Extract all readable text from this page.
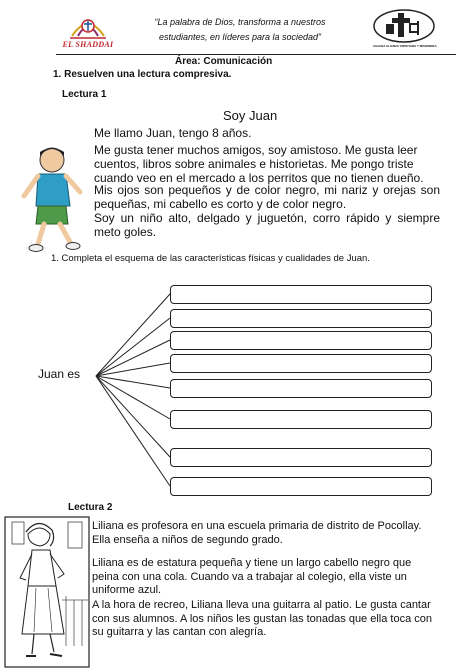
EL SHADDAI
“La palabra de Dios, transforma a nuestros estudiantes, en líderes para la sociedad”
IGLESIA ALIANZA CRISTIANA Y MISIONERA
Área: Comunicación
1. Resuelven una lectura compresiva.
Lectura 1
Soy Juan
Me llamo Juan, tengo 8 años.
Me gusta tener muchos amigos, soy amistoso. Me gusta leer cuentos, libros sobre animales e historietas. Me pongo triste cuando veo en el mercado a los perritos que no tienen dueño.
Mis ojos son pequeños y de color negro, mi nariz y orejas son pequeñas, mi cabello es corto y de color negro.
Soy un niño alto, delgado y juguetón, corro rápido y siempre meto goles.
1. Completa el esquema de las características físicas y cualidades de Juan.
Juan es
Lectura 2
Liliana es profesora en una escuela primaria de distrito de Pocollay. Ella enseña a niños de segundo grado.
Liliana es de estatura pequeña y tiene un largo cabello negro que peina con una cola. Cuando va a trabajar al colegio, ella viste un uniforme azul.
A la hora de recreo, Liliana lleva una guitarra al patio. Le gusta cantar con sus alumnos. A los niños les gustan las tonadas que ella toca con su guitarra y las cantan con alegría.
